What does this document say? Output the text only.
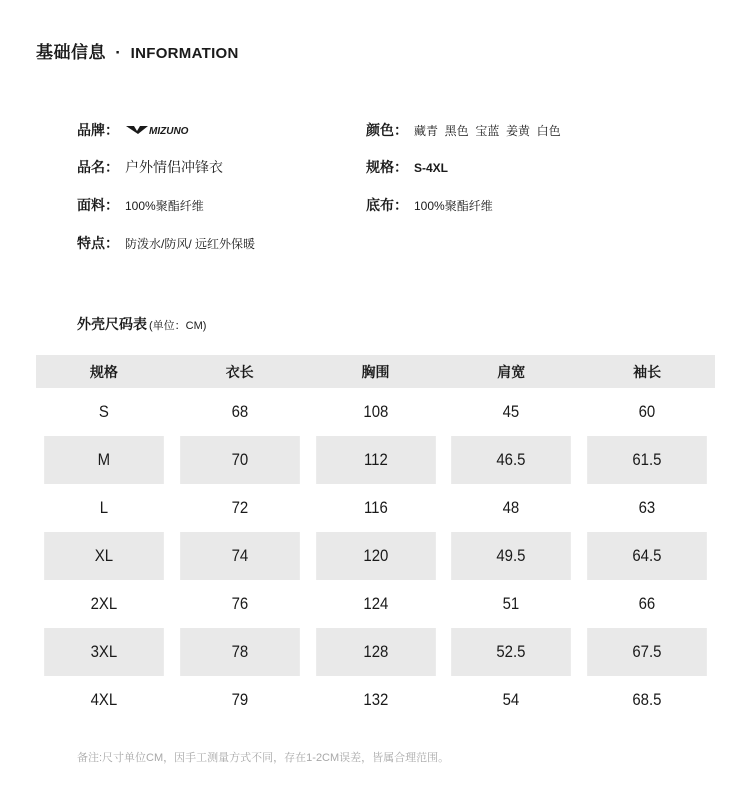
基础信息 · INFORMATION
品牌：	MIZUNO
品名： 户外情侣冲锋衣
面料： 100%聚酯纤维
特点： 防泼水/防风/ 远红外保暖
颜色： 藏青  黑色  宝蓝  姜黄  白色
规格： S-4XL
底布： 100%聚酯纤维
外壳尺码表 (单位：CM)
规格	衣长	胸围	肩宽	袖长
S	68	108	45	60
M	70	112	46.5	61.5
L	72	116	48	63
XL	74	120	49.5	64.5
2XL	76	124	51	66
3XL	78	128	52.5	67.5
4XL	79	132	54	68.5
备注:尺寸单位CM，因手工测量方式不同，存在1-2CM误差，皆属合理范围。
